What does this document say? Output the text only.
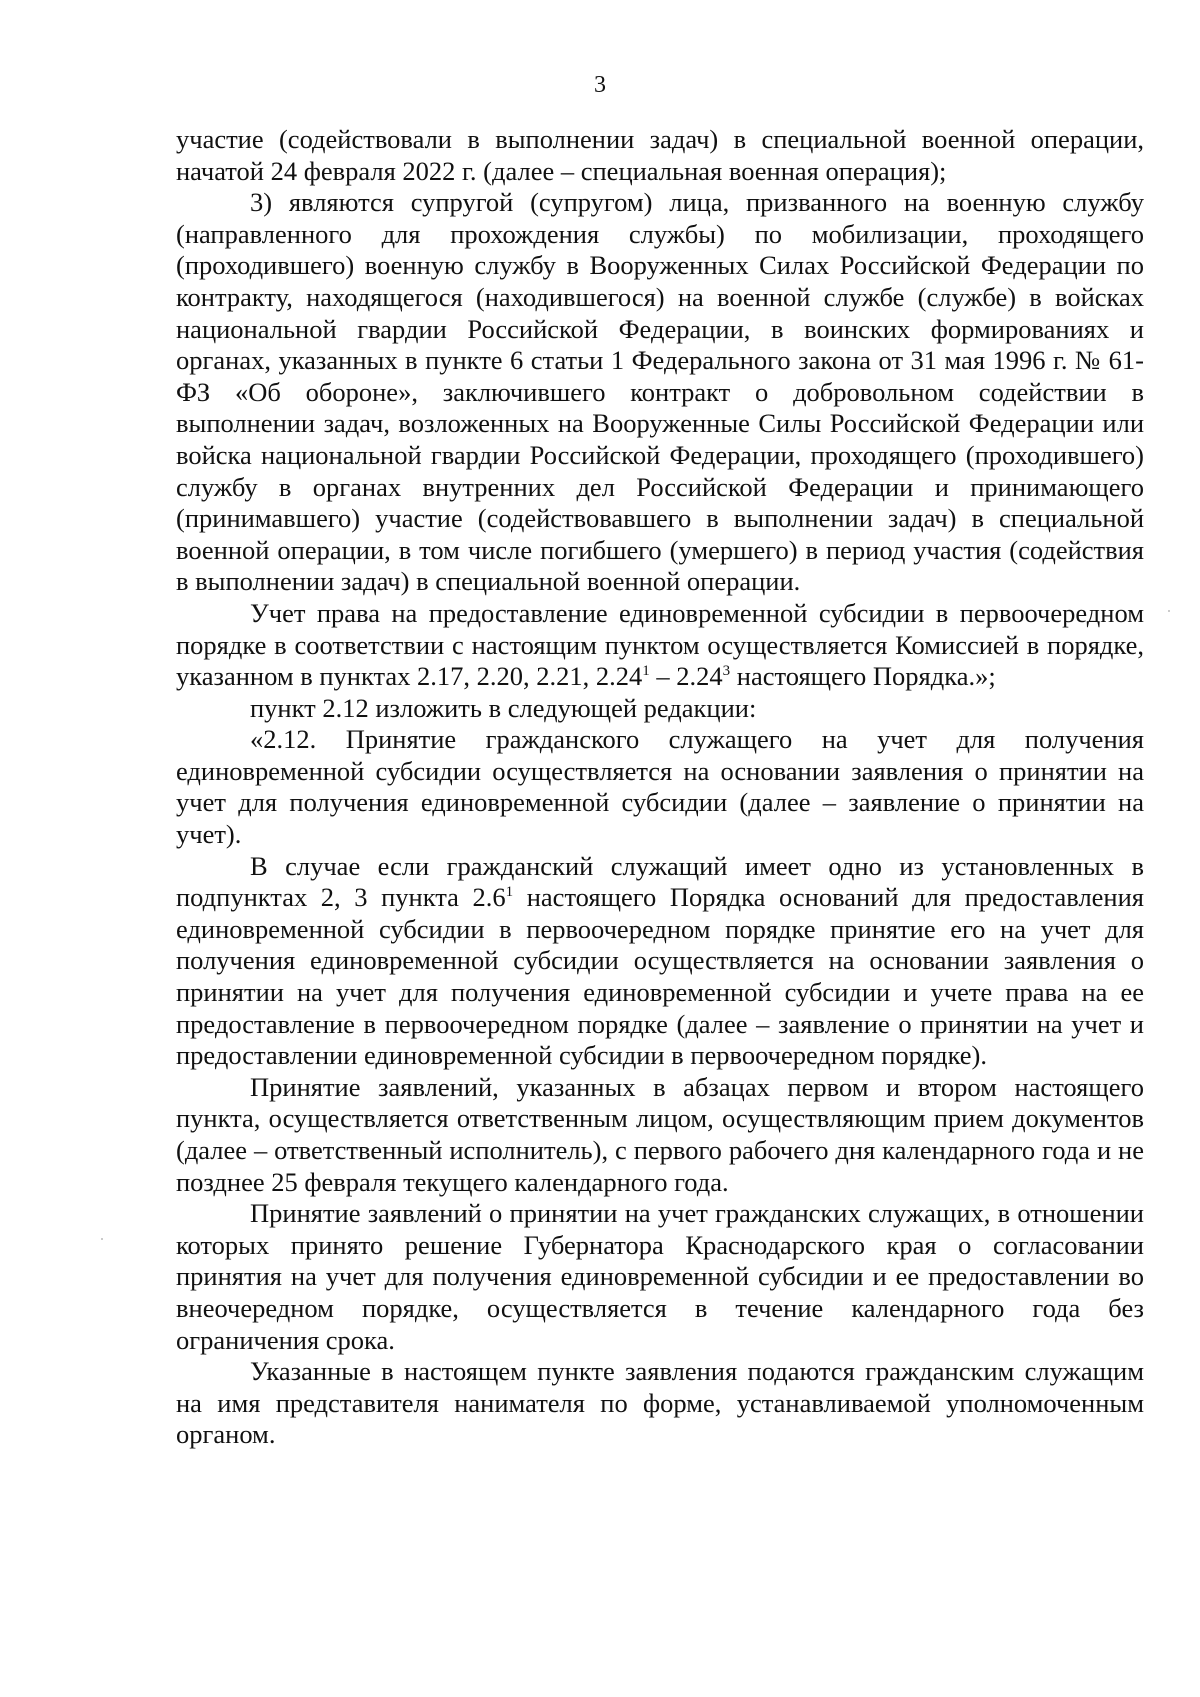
3

участие (содействовали в выполнении задач) в специальной военной операции, начатой 24 февраля 2022 г. (далее – специальная военная операция);

3) являются супругой (супругом) лица, призванного на военную службу (направленного для прохождения службы) по мобилизации, проходящего (проходившего) военную службу в Вооруженных Силах Российской Федерации по контракту, находящегося (находившегося) на военной службе (службе) в войсках национальной гвардии Российской Федерации, в воинских формированиях и органах, указанных в пункте 6 статьи 1 Федерального закона от 31 мая 1996 г. № 61-ФЗ «Об обороне», заключившего контракт о добровольном содействии в выполнении задач, возложенных на Вооруженные Силы Российской Федерации или войска национальной гвардии Российской Федерации, проходящего (проходившего) службу в органах внутренних дел Российской Федерации и принимающего (принимавшего) участие (содействовавшего в выполнении задач) в специальной военной операции, в том числе погибшего (умершего) в период участия (содействия в выполнении задач) в специальной военной операции.

Учет права на предоставление единовременной субсидии в первоочередном порядке в соответствии с настоящим пунктом осуществляется Комиссией в порядке, указанном в пунктах 2.17, 2.20, 2.21, 2.24$^1$ – 2.24$^3$ настоящего Порядка.»;

пункт 2.12 изложить в следующей редакции:

«2.12. Принятие гражданского служащего на учет для получения единовременной субсидии осуществляется на основании заявления о принятии на учет для получения единовременной субсидии (далее – заявление о принятии на учет).

В случае если гражданский служащий имеет одно из установленных в подпунктах 2, 3 пункта $2.6^1$ настоящего Порядка оснований для предоставления единовременной субсидии в первоочередном порядке принятие его на учет для получения единовременной субсидии осуществляется на основании заявления о принятии на учет для получения единовременной субсидии и учете права на ее предоставление в первоочередном порядке (далее – заявление о принятии на учет и предоставлении единовременной субсидии в первоочередном порядке).

Принятие заявлений, указанных в абзацах первом и втором настоящего пункта, осуществляется ответственным лицом, осуществляющим прием документов (далее – ответственный исполнитель), с первого рабочего дня календарного года и не позднее 25 февраля текущего календарного года.

Принятие заявлений о принятии на учет гражданских служащих, в отношении которых принято решение Губернатора Краснодарского края о согласовании принятия на учет для получения единовременной субсидии и ее предоставлении во внеочередном порядке, осуществляется в течение календарного года без ограничения срока.

Указанные в настоящем пункте заявления подаются гражданским служащим на имя представителя нанимателя по форме, устанавливаемой уполномоченным органом.
